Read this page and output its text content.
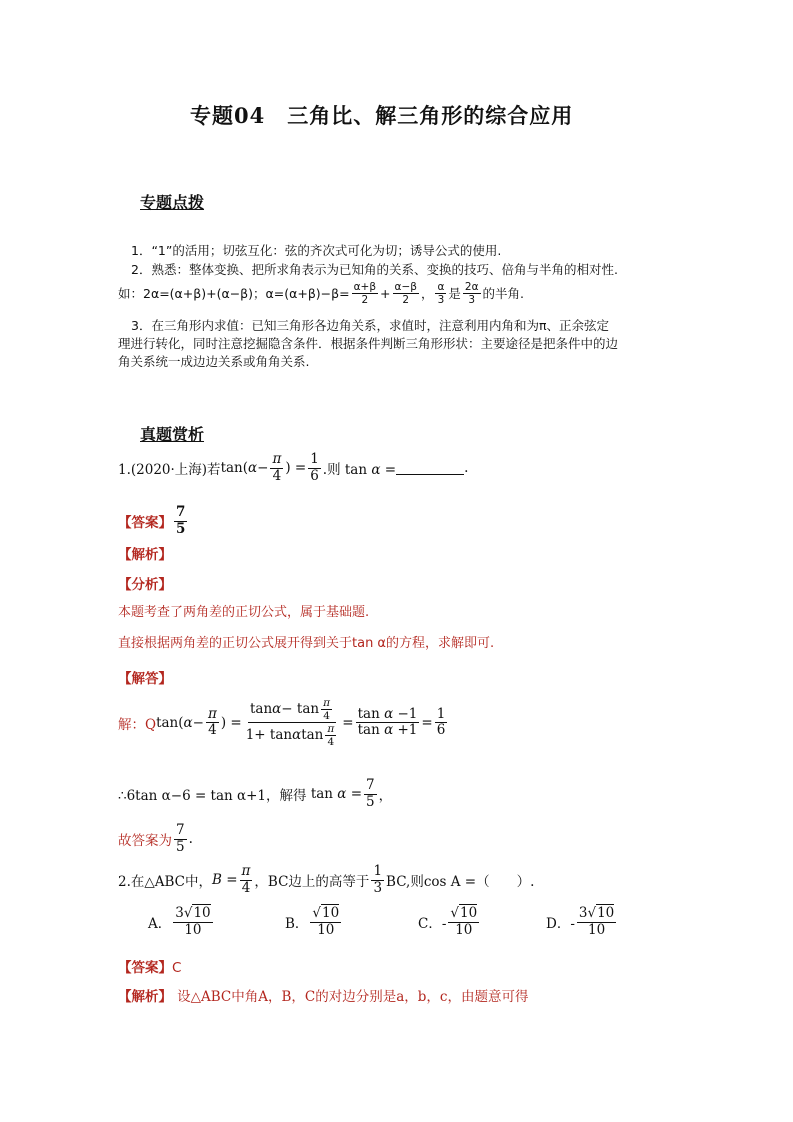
专题04　三角比、解三角形的综合应用
专题点拨
1．“1”的活用；切弦互化：弦的齐次式可化为切；诱导公式的使用.
2．熟悉：整体变换、把所求角表示为已知角的关系、变换的技巧、倍角与半角的相对性.
如：2α=(α+β)+(α−β)；$\alpha=(\alpha+\beta)-\beta= \frac{\alpha+\beta}{2} + \frac{\alpha-\beta}{2}$ ， $\frac{\alpha}{3}$ 是 $\frac{2\alpha}{3}$ 的半角.
3．在三角形内求值：已知三角形各边角关系，求值时，注意利用内角和为π、正余弦定
理进行转化，同时注意挖掘隐含条件．根据条件判断三角形形状：主要途径是把条件中的边
角关系统一成边边关系或角角关系.
真题赏析
1.(2020·上海)若 $\tan(\alpha- \frac{\pi}{4}$ ) = $\frac{1}{6}$ .则 tan α =	.
【答案】 $\frac{7}{5}$
【解析】
【分析】
本题考查了两角差的正切公式，属于基础题.
直接根据两角差的正切公式展开得到关于tan α的方程，求解即可.
【解答】
解：Q $\tan(\alpha- \frac{\pi}{4}$ ) = $\frac{\tan \alpha - \tan \frac{\pi}{4}}{1+ \tan \alpha \tan \frac{\pi}{4}} = \frac{\text{tan α −1}}{\text{tan α +1}} = \frac{1}{6}$
∴6tan α−6 = tan α+1，解得 $\tan \alpha = \frac{7}{5}$ ，
故答案为 $\frac{7}{5}$ .
2.在△ABC中， $B = \frac{\pi}{4}$ ，BC边上的高等于 $\frac{1}{3}$ BC,则cos A =（　　）.
A． $\frac{3√10}{10}$	B． $\frac{√10}{10}$	C．- $\frac{√10}{10}$	D．- $\frac{3√10}{10}$
【答案】C
【解析】 设△ABC中角A，B，C的对边分别是a，b，c，由题意可得
